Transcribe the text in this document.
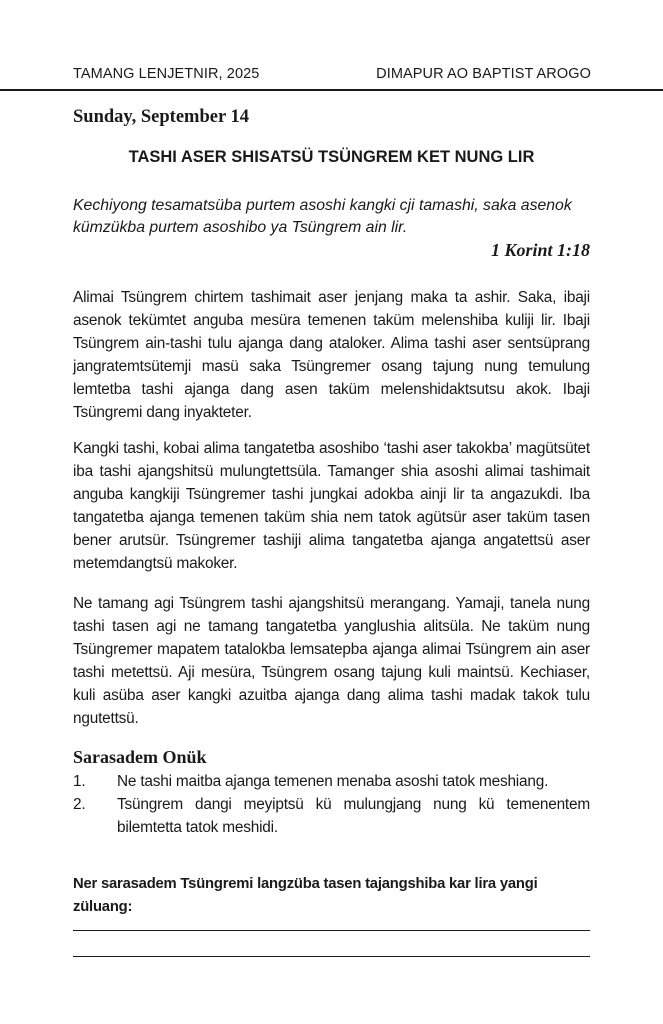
TAMANG LENJETNIR, 2025	DIMAPUR AO BAPTIST AROGO
Sunday, September 14
TASHI ASER SHISATSÜ TSÜNGREM KET NUNG LIR
Kechiyong tesamatsüba purtem asoshi kangki cji tamashi, saka asenok kümzükba purtem asoshibo ya Tsüngrem ain lir.
1 Korint 1:18

Alimai Tsüngrem chirtem tashimait aser jenjang maka ta ashir. Saka, ibaji asenok tekümtet anguba mesüra temenen taküm melenshiba kuliji lir. Ibaji Tsüngrem ain-tashi tulu ajanga dang ataloker. Alima tashi aser sentsüprang jangratemtsütemji masü saka Tsüngremer osang tajung nung temulung lemtetba tashi ajanga dang asen taküm melenshidaktsutsu akok. Ibaji Tsüngremi dang inyakteter.

Kangki tashi, kobai alima tangatetba asoshibo ‘tashi aser takokba’ magütsütet iba tashi ajangshitsü mulungtettsüla. Tamanger shia asoshi alimai tashimait anguba kangkiji Tsüngremer tashi jungkai adokba ainji lir ta angazukdi. Iba tangatetba ajanga temenen taküm shia nem tatok agütsür aser taküm tasen bener arutsür. Tsüngremer tashiji alima tangatetba ajanga angatettsü aser metemdangtsü makoker.

Ne tamang agi Tsüngrem tashi ajangshitsü merangang. Yamaji, tanela nung tashi tasen agi ne tamang tangatetba yanglushia alitsüla. Ne taküm nung Tsüngremer mapatem tatalokba lemsatepba ajanga alimai Tsüngrem ain aser tashi metettsü. Aji mesüra, Tsüngrem osang tajung kuli maintsü. Kechiaser, kuli asüba aser kangki azuitba ajanga dang alima tashi madak takok tulu ngutettsü.

Sarasadem Onük
1. Ne tashi maitba ajanga temenen menaba asoshi tatok meshiang.
2. Tsüngrem dangi meyiptsü kü mulungjang nung kü temenentem bilemtetta tatok meshidi.
Ner sarasadem Tsüngremi langzüba tasen tajangshiba kar lira yangi züluang:
